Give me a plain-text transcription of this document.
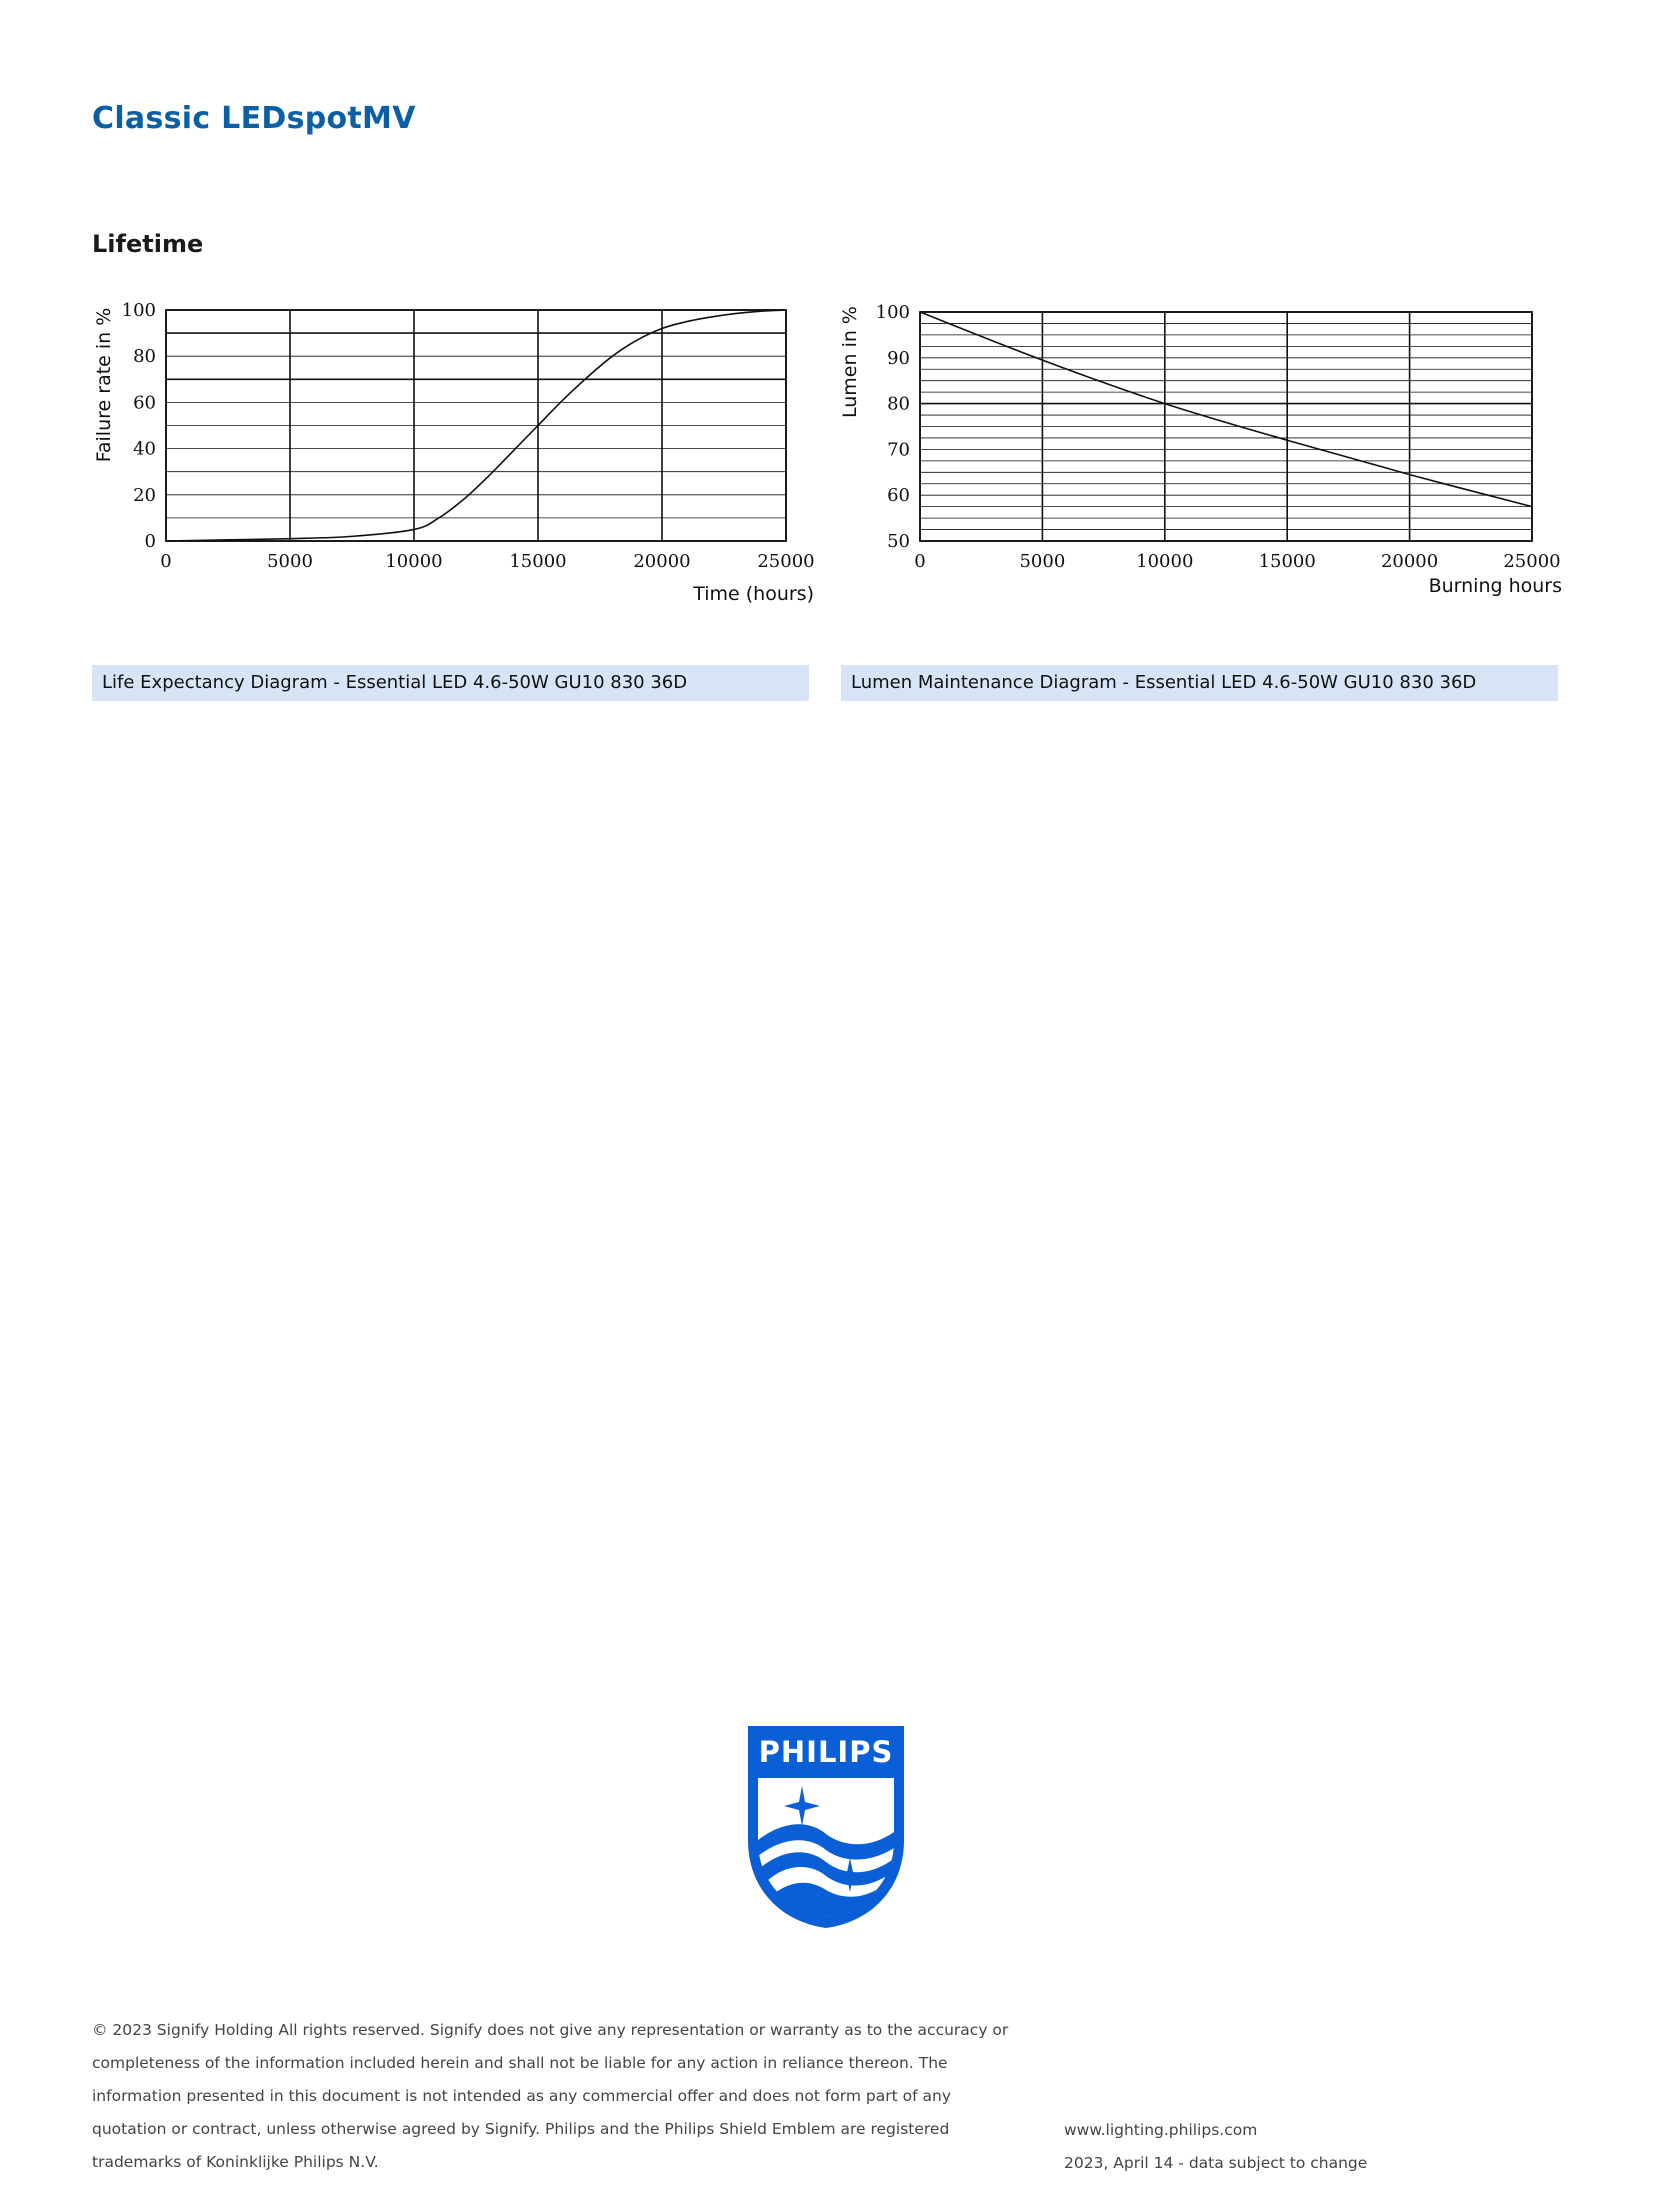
Classic LEDspotMV
Lifetime
0
20
40
60
80
100
0	5000	10000	15000	20000	25000
Failure rate in %
Time (hours)
50
60
70
80
90
100
0	5000	10000	15000	20000	25000
Lumen in %
Burning hours
Life Expectancy Diagram - Essential LED 4.6-50W GU10 830 36D	Lumen Maintenance Diagram - Essential LED 4.6-50W GU10 830 36D
PHILIPS
© 2023 Signify Holding All rights reserved. Signify does not give any representation or warranty as to the accuracy or
completeness of the information included herein and shall not be liable for any action in reliance thereon. The
information presented in this document is not intended as any commercial offer and does not form part of any
quotation or contract, unless otherwise agreed by Signify. Philips and the Philips Shield Emblem are registered
trademarks of Koninklijke Philips N.V.
www.lighting.philips.com
2023, April 14 - data subject to change
